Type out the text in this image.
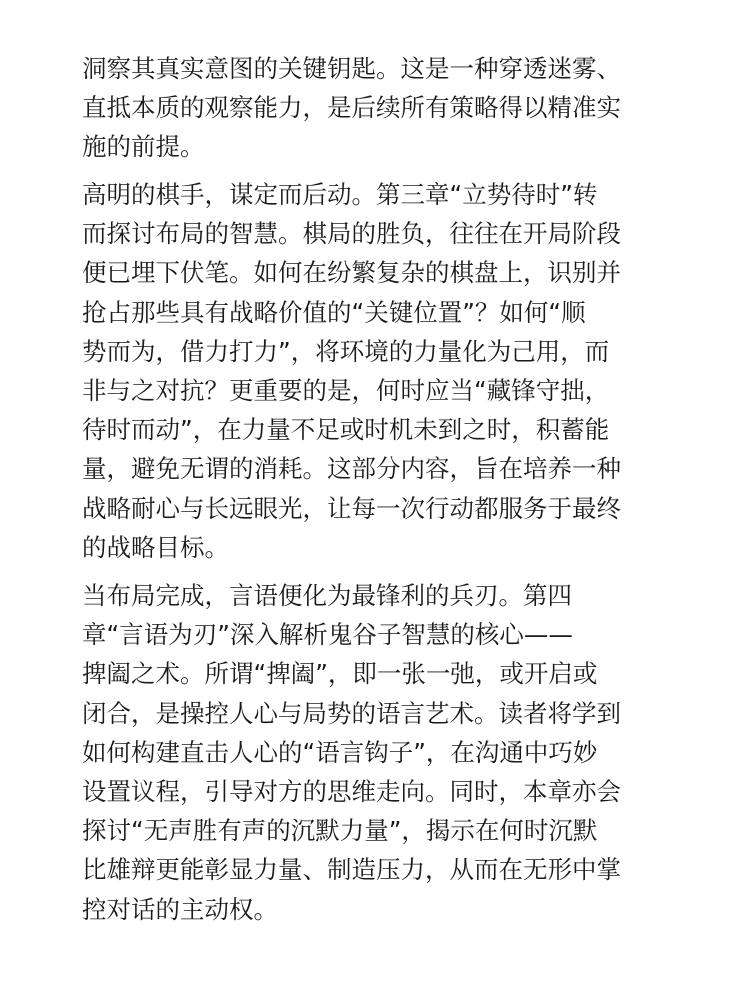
洞察其真实意图的关键钥匙。这是一种穿透迷雾、
直抵本质的观察能力，是后续所有策略得以精准实
施的前提。

高明的棋手，谋定而后动。第三章“立势待时”转
而探讨布局的智慧。棋局的胜负，往往在开局阶段
便已埋下伏笔。如何在纷繁复杂的棋盘上，识别并
抢占那些具有战略价值的“关键位置”？如何“顺
势而为，借力打力”，将环境的力量化为己用，而
非与之对抗？更重要的是，何时应当“藏锋守拙，
待时而动”，在力量不足或时机未到之时，积蓄能
量，避免无谓的消耗。这部分内容，旨在培养一种
战略耐心与长远眼光，让每一次行动都服务于最终
的战略目标。

当布局完成，言语便化为最锋利的兵刃。第四
章“言语为刃”深入解析鬼谷子智慧的核心——
捭阖之术。所谓“捭阖”，即一张一弛，或开启或
闭合，是操控人心与局势的语言艺术。读者将学到
如何构建直击人心的“语言钩子”，在沟通中巧妙
设置议程，引导对方的思维走向。同时，本章亦会
探讨“无声胜有声的沉默力量”，揭示在何时沉默
比雄辩更能彰显力量、制造压力，从而在无形中掌
控对话的主动权。
